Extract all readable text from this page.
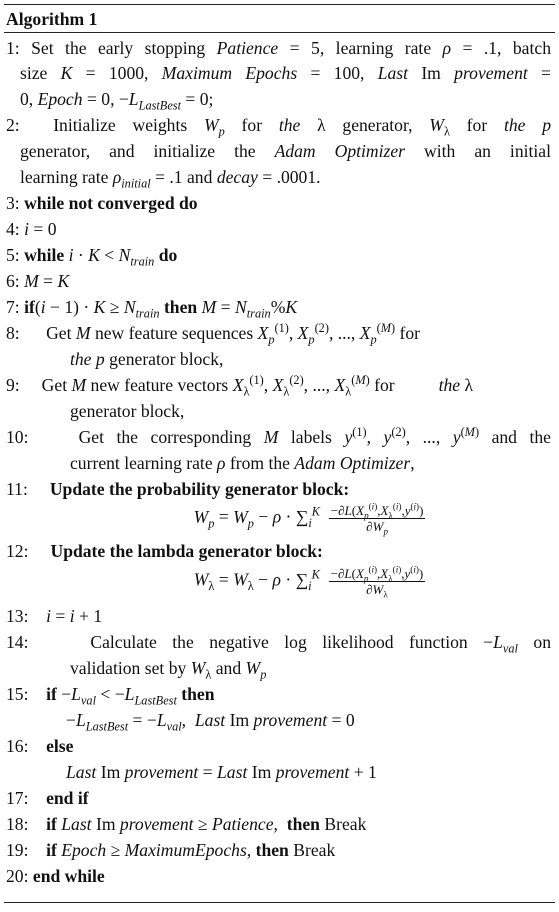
Algorithm 1
1: Set the early stopping Patience = 5, learning rate ρ = .1, batch
size K = 1000, Maximum Epochs = 100, Last Im provement =
0, Epoch = 0, $-L_{LastBest} = 0$;
2:  Initialize weights $W_p$ for the λ generator, $W_\lambda$ for the p
generator, and initialize the Adam Optimizer with an initial
learning rate $\rho_{initial} = .1$ and decay = .0001.
3: while not converged do
4: i = 0
5: while $i \cdot K < N_{train}$ do
6: M = K
7: $if(i - 1) \cdot K \ge N_{train}$ then $M = N_{train}\%K$
8:      Get M new feature sequences $X_p^{(1)}$, $X_p^{(2)}$, ..., $X_p^{(M)}$ for
the p generator block,
9:     Get M new feature vectors $X_\lambda^{(1)}$, $X_\lambda^{(2)}$, ..., $X_\lambda^{(M)}$ for          the λ
generator block,
10:    Get the corresponding M labels $y^{(1)}$, $y^{(2)}$, ..., $y^{(M)}$ and the
current learning rate ρ from the Adam Optimizer,
11:     Update the probability generator block:
$W_p = W_p - \rho \cdot \sum_i^K \frac{-\partial L(X_p^{(i)},X_\lambda^{(i)},y^{(i)})}{\partial W_p}$
12:     Update the lambda generator block:
$W_\lambda = W_\lambda - \rho \cdot \sum_i^K \frac{-\partial L(X_p^{(i)},X_\lambda^{(i)},y^{(i)})}{\partial W_\lambda}$
13:    i = i + 1
14:    Calculate the negative log likelihood function $-L_{val}$ on
validation set by $W_\lambda$ and $W_p$
15:    if $-L_{val} < -L_{LastBest}$ then
$-L_{LastBest} = -L_{val}$,  Last Im provement = 0
16:    else
Last Im provement = Last Im provement + 1
17:    end if
18:    if Last Im provement ≥ Patience,  then Break
19:    if Epoch ≥ MaximumEpochs, then Break
20: end while
